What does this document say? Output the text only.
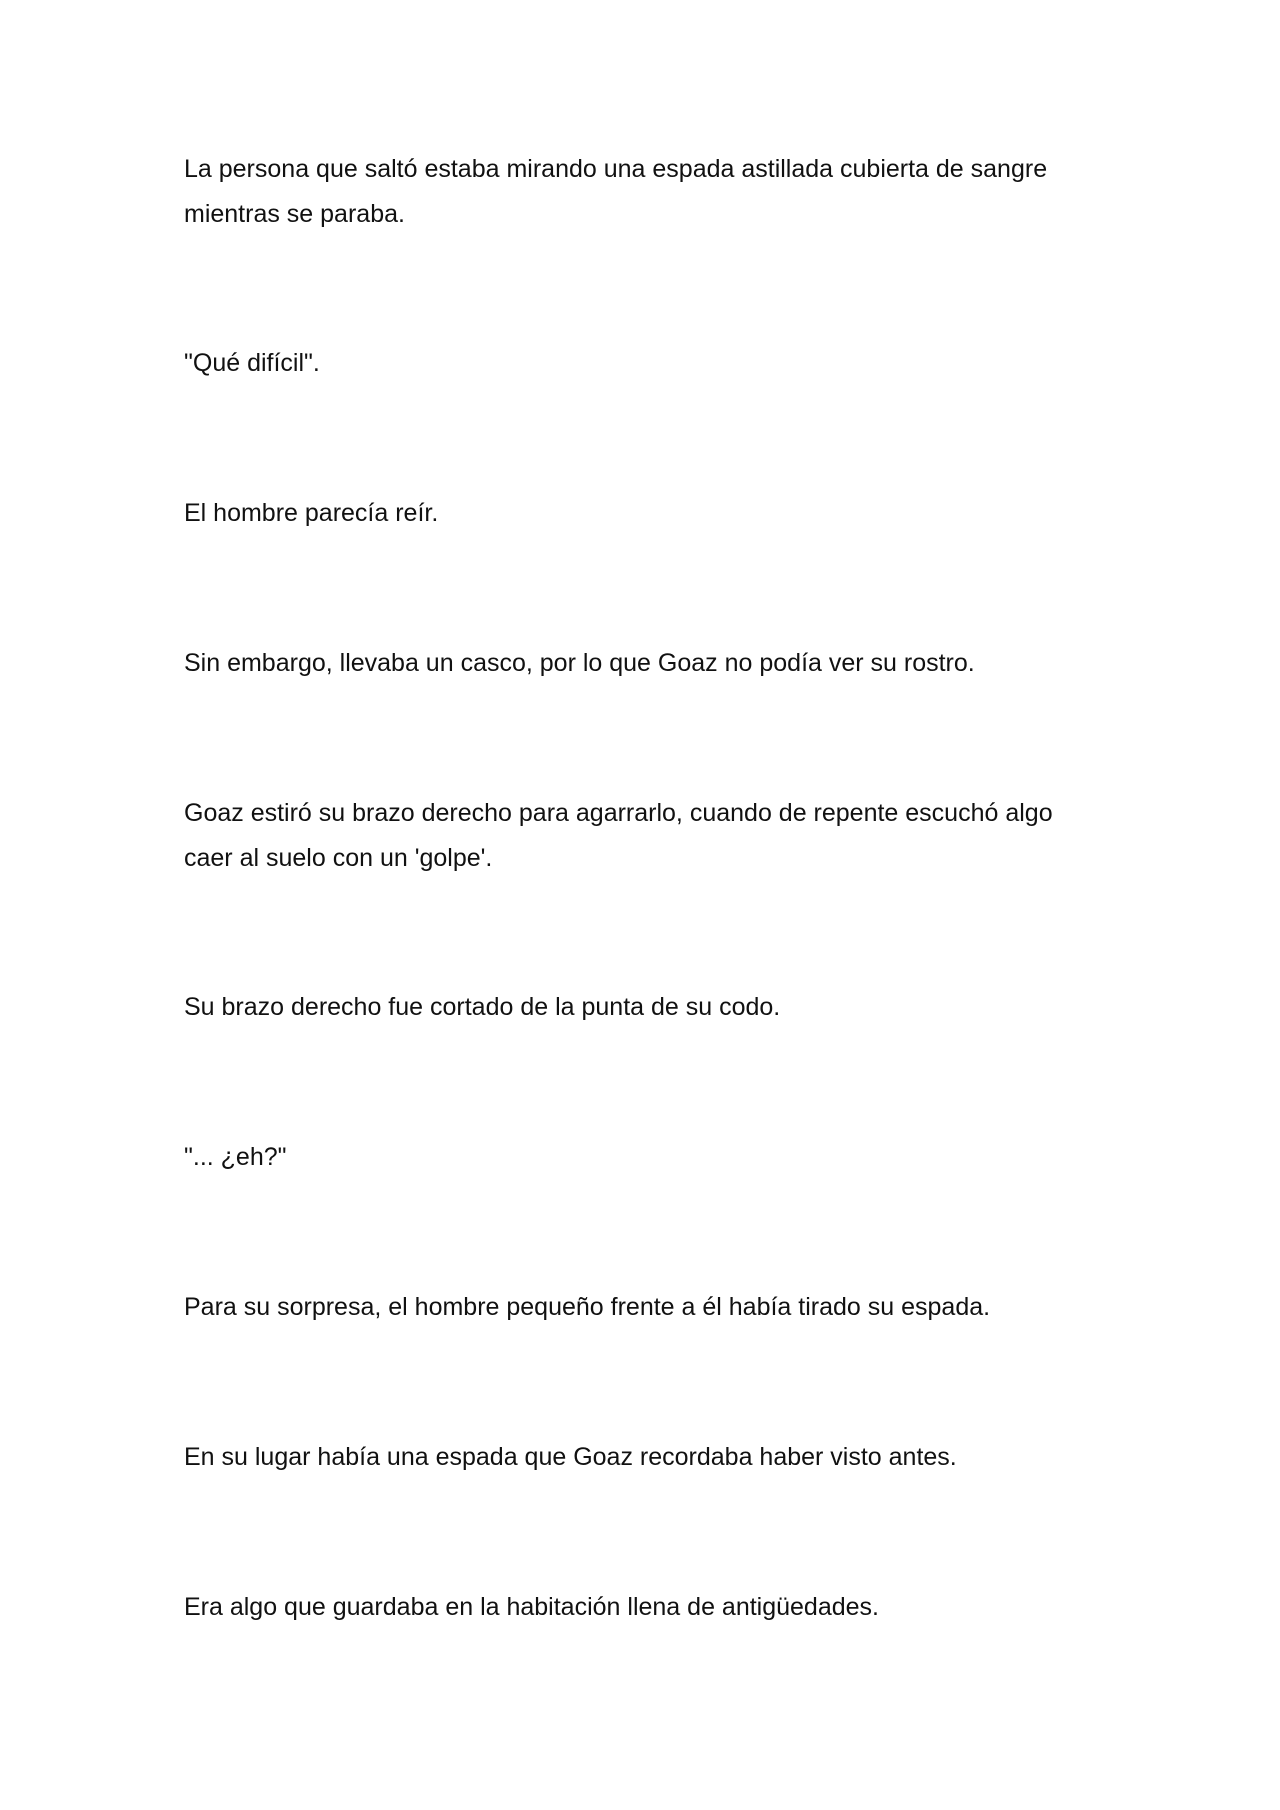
La persona que saltó estaba mirando una espada astillada cubierta de sangre mientras se paraba.

"Qué difícil".

El hombre parecía reír.

Sin embargo, llevaba un casco, por lo que Goaz no podía ver su rostro.

Goaz estiró su brazo derecho para agarrarlo, cuando de repente escuchó algo caer al suelo con un 'golpe'.

Su brazo derecho fue cortado de la punta de su codo.

"... ¿eh?"

Para su sorpresa, el hombre pequeño frente a él había tirado su espada.

En su lugar había una espada que Goaz recordaba haber visto antes.

Era algo que guardaba en la habitación llena de antigüedades.
